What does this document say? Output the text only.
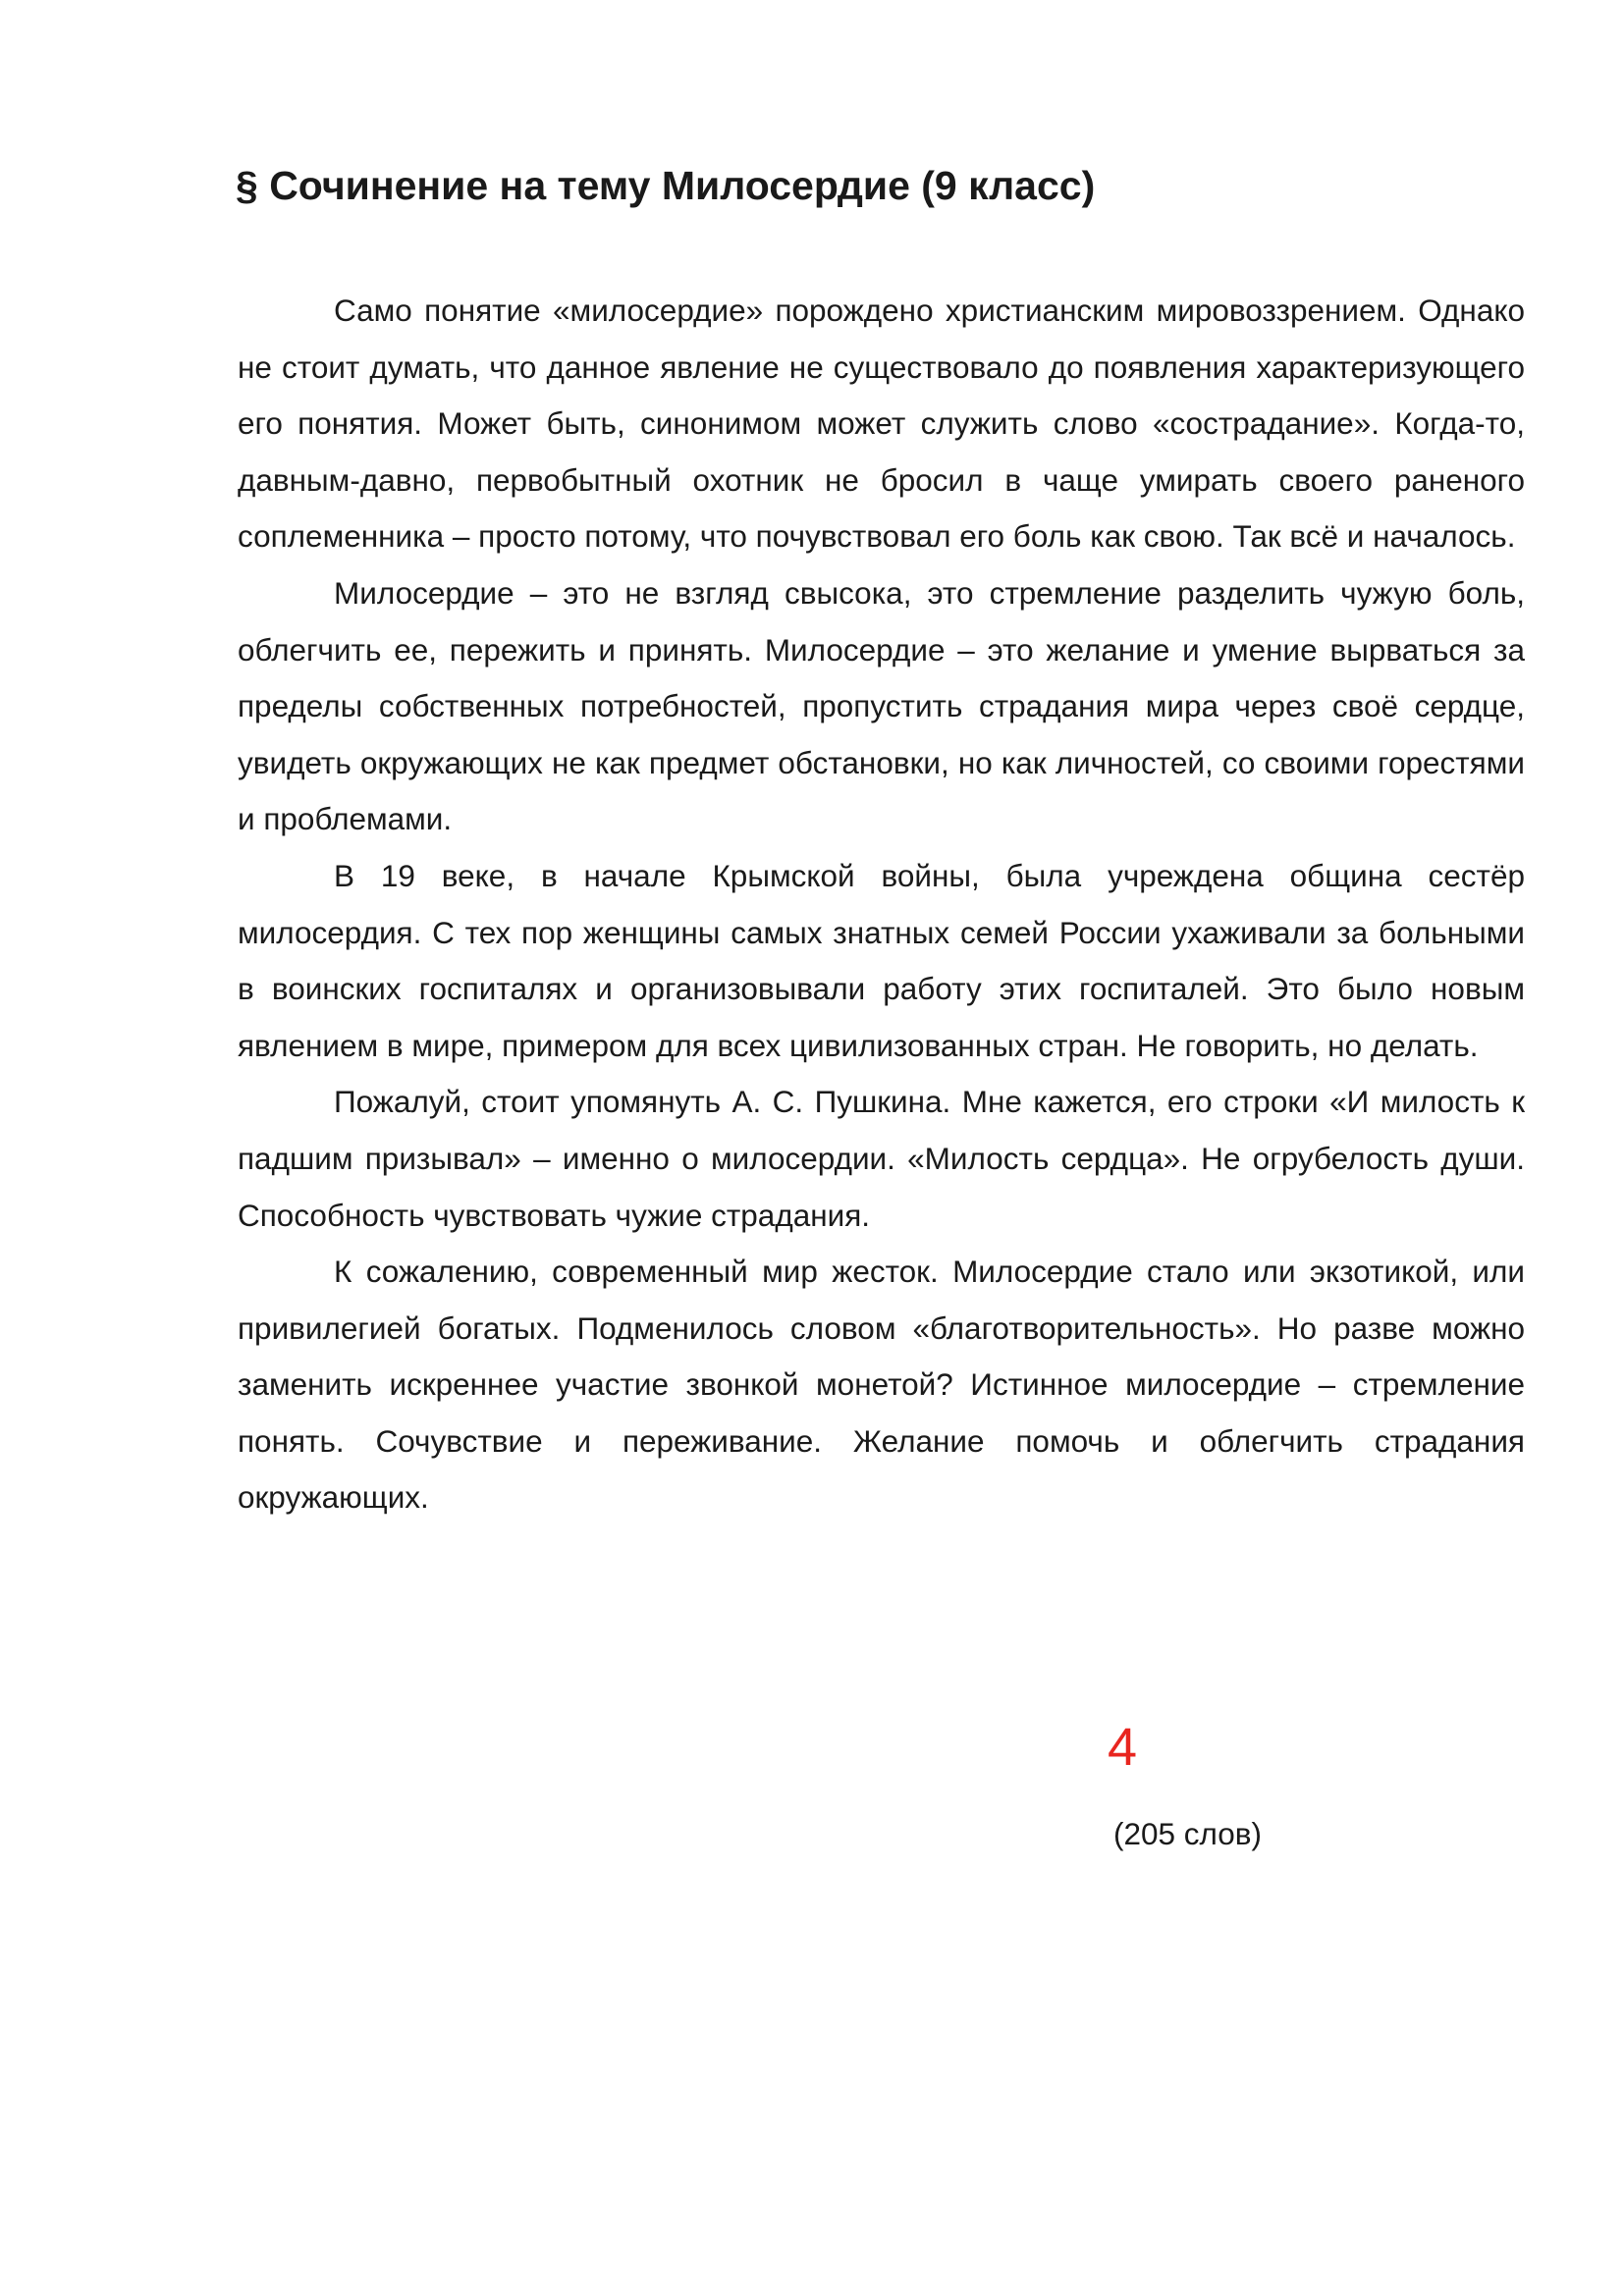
§ Сочинение на тему Милосердие (9 класс)

Само понятие «милосердие» порождено христианским мировоззрением. Однако не стоит думать, что данное явление не существовало до появления характеризующего его понятия. Может быть, синонимом может служить слово «сострадание». Когда-то, давным-давно, первобытный охотник не бросил в чаще умирать своего раненого соплеменника – просто потому, что почувствовал его боль как свою. Так всё и началось.

Милосердие – это не взгляд свысока, это стремление разделить чужую боль, облегчить ее, пережить и принять. Милосердие – это желание и умение вырваться за пределы собственных потребностей, пропустить страдания мира через своё сердце, увидеть окружающих не как предмет обстановки, но как личностей, со своими горестями и проблемами.

В 19 веке, в начале Крымской войны, была учреждена община сестёр милосердия. С тех пор женщины самых знатных семей России ухаживали за больными в воинских госпиталях и организовывали работу этих госпиталей. Это было новым явлением в мире, примером для всех цивилизованных стран. Не говорить, но делать.

Пожалуй, стоит упомянуть А. С. Пушкина. Мне кажется, его строки «И милость к падшим призывал» – именно о милосердии. «Милость сердца». Не огрубелость души. Способность чувствовать чужие страдания.

К сожалению, современный мир жесток. Милосердие стало или экзотикой, или привилегией богатых. Подменилось словом «благотворительность». Но разве можно заменить искреннее участие звонкой монетой? Истинное милосердие – стремление понять. Сочувствие и переживание. Желание помочь и облегчить страдания окружающих.

4
(205 слов)
